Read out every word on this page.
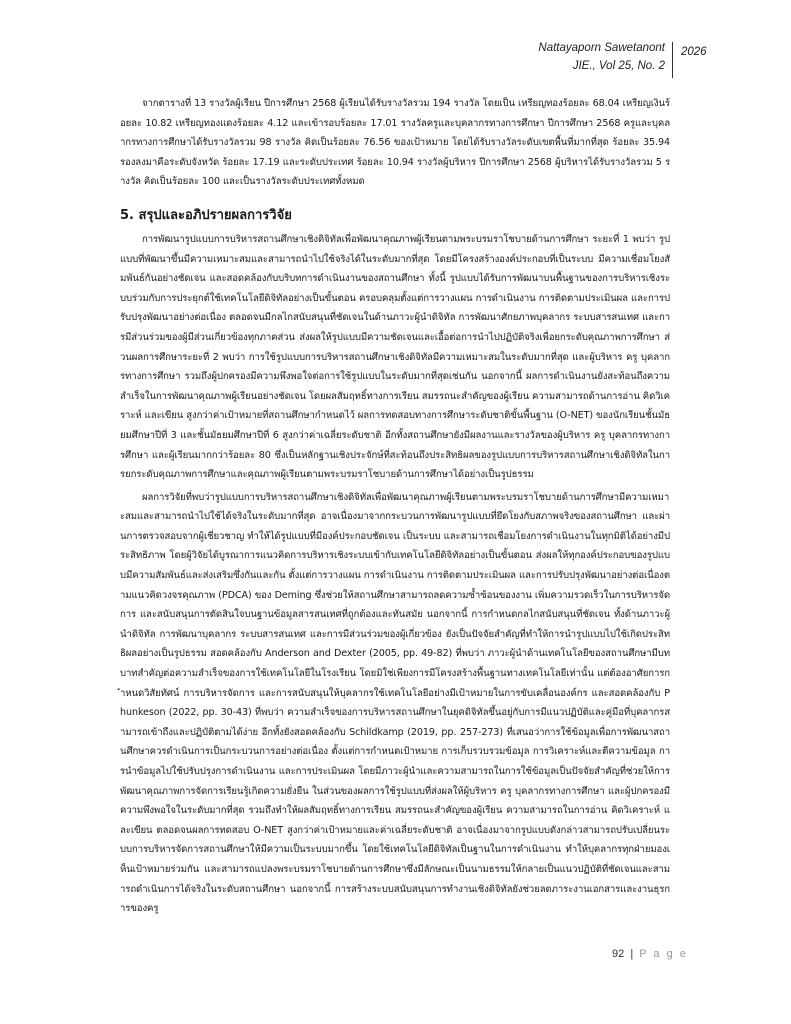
Nattayaporn Sawetanont
JIE., Vol 25, No. 2
2026

จากตารางที่ 13 รางวัลผู้เรียน ปีการศึกษา 2568 ผู้เรียนได้รับรางวัลรวม 194 รางวัล โดยเป็น เหรียญทองร้อยละ 68.04 เหรียญเงินร้อยละ 10.82 เหรียญทองแดงร้อยละ 4.12 และเข้ารอบร้อยละ 17.01 รางวัลครูและบุคลากรทางการศึกษา ปีการศึกษา 2568 ครูและบุคลากรทางการศึกษาได้รับรางวัลรวม 98 รางวัล คิดเป็นร้อยละ 76.56 ของเป้าหมาย โดยได้รับรางวัลระดับเขตพื้นที่มากที่สุด ร้อยละ 35.94 รองลงมาคือระดับจังหวัด ร้อยละ 17.19 และระดับประเทศ ร้อยละ 10.94 รางวัลผู้บริหาร ปีการศึกษา 2568 ผู้บริหารได้รับรางวัลรวม 5 รางวัล คิดเป็นร้อยละ 100 และเป็นรางวัลระดับประเทศทั้งหมด

5. สรุปและอภิปรายผลการวิจัย

การพัฒนารูปแบบการบริหารสถานศึกษาเชิงดิจิทัลเพื่อพัฒนาคุณภาพผู้เรียนตามพระบรมราโชบายด้านการศึกษา ระยะที่ 1 พบว่า รูปแบบที่พัฒนาขึ้นมีความเหมาะสมและสามารถนำไปใช้จริงได้ในระดับมากที่สุด โดยมีโครงสร้างองค์ประกอบที่เป็นระบบ มีความเชื่อมโยงสัมพันธ์กันอย่างชัดเจน และสอดคล้องกับบริบทการดำเนินงานของสถานศึกษา ทั้งนี้ รูปแบบได้รับการพัฒนาบนพื้นฐานของการบริหารเชิงระบบร่วมกับการประยุกต์ใช้เทคโนโลยีดิจิทัลอย่างเป็นขั้นตอน ครอบคลุมตั้งแต่การวางแผน การดำเนินงาน การติดตามประเมินผล และการปรับปรุงพัฒนาอย่างต่อเนื่อง ตลอดจนมีกลไกสนับสนุนที่ชัดเจนในด้านภาวะผู้นำดิจิทัล การพัฒนาศักยภาพบุคลากร ระบบสารสนเทศ และการมีส่วนร่วมของผู้มีส่วนเกี่ยวข้องทุกภาคส่วน ส่งผลให้รูปแบบมีความชัดเจนและเอื้อต่อการนำไปปฏิบัติจริงเพื่อยกระดับคุณภาพการศึกษา ส่วนผลการศึกษาระยะที่ 2 พบว่า การใช้รูปแบบการบริหารสถานศึกษาเชิงดิจิทัลมีความเหมาะสมในระดับมากที่สุด และผู้บริหาร ครู บุคลากรทางการศึกษา รวมถึงผู้ปกครองมีความพึงพอใจต่อการใช้รูปแบบในระดับมากที่สุดเช่นกัน นอกจากนี้ ผลการดำเนินงานยังสะท้อนถึงความสำเร็จในการพัฒนาคุณภาพผู้เรียนอย่างชัดเจน โดยผลสัมฤทธิ์ทางการเรียน สมรรถนะสำคัญของผู้เรียน ความสามารถด้านการอ่าน คิดวิเคราะห์ และเขียน สูงกว่าค่าเป้าหมายที่สถานศึกษากำหนดไว้ ผลการทดสอบทางการศึกษาระดับชาติขั้นพื้นฐาน (O-NET) ของนักเรียนชั้นมัธยมศึกษาปีที่ 3 และชั้นมัธยมศึกษาปีที่ 6 สูงกว่าค่าเฉลี่ยระดับชาติ อีกทั้งสถานศึกษายังมีผลงานและรางวัลของผู้บริหาร ครู บุคลากรทางการศึกษา และผู้เรียนมากกว่าร้อยละ 80 ซึ่งเป็นหลักฐานเชิงประจักษ์ที่สะท้อนถึงประสิทธิผลของรูปแบบการบริหารสถานศึกษาเชิงดิจิทัลในการยกระดับคุณภาพการศึกษาและคุณภาพผู้เรียนตามพระบรมราโชบายด้านการศึกษาได้อย่างเป็นรูปธรรม

ผลการวิจัยที่พบว่ารูปแบบการบริหารสถานศึกษาเชิงดิจิทัลเพื่อพัฒนาคุณภาพผู้เรียนตามพระบรมราโชบายด้านการศึกษามีความเหมาะสมและสามารถนำไปใช้ได้จริงในระดับมากที่สุด อาจเนื่องมาจากกระบวนการพัฒนารูปแบบที่ยึดโยงกับสภาพจริงของสถานศึกษา และผ่านการตรวจสอบจากผู้เชี่ยวชาญ ทำให้ได้รูปแบบที่มีองค์ประกอบชัดเจน เป็นระบบ และสามารถเชื่อมโยงการดำเนินงานในทุกมิติได้อย่างมีประสิทธิภาพ โดยผู้วิจัยได้บูรณาการแนวคิดการบริหารเชิงระบบเข้ากับเทคโนโลยีดิจิทัลอย่างเป็นขั้นตอน ส่งผลให้ทุกองค์ประกอบของรูปแบบมีความสัมพันธ์และส่งเสริมซึ่งกันและกัน ตั้งแต่การวางแผน การดำเนินงาน การติดตามประเมินผล และการปรับปรุงพัฒนาอย่างต่อเนื่องตามแนวคิดวงจรคุณภาพ (PDCA) ของ Deming ซึ่งช่วยให้สถานศึกษาสามารถลดความซ้ำซ้อนของงาน เพิ่มความรวดเร็วในการบริหารจัดการ และสนับสนุนการตัดสินใจบนฐานข้อมูลสารสนเทศที่ถูกต้องและทันสมัย นอกจากนี้ การกำหนดกลไกสนับสนุนที่ชัดเจน ทั้งด้านภาวะผู้นำดิจิทัล การพัฒนาบุคลากร ระบบสารสนเทศ และการมีส่วนร่วมของผู้เกี่ยวข้อง ยังเป็นปัจจัยสำคัญที่ทำให้การนำรูปแบบไปใช้เกิดประสิทธิผลอย่างเป็นรูปธรรม สอดคล้องกับ Anderson and Dexter (2005, pp. 49-82) ที่พบว่า ภาวะผู้นำด้านเทคโนโลยีของสถานศึกษามีบทบาทสำคัญต่อความสำเร็จของการใช้เทคโนโลยีในโรงเรียน โดยมิใช่เพียงการมีโครงสร้างพื้นฐานทางเทคโนโลยีเท่านั้น แต่ต้องอาศัยการกำหนดวิสัยทัศน์ การบริหารจัดการ และการสนับสนุนให้บุคลากรใช้เทคโนโลยีอย่างมีเป้าหมายในการขับเคลื่อนองค์กร และสอดคล้องกับ Phunkeson (2022, pp. 30-43) ที่พบว่า ความสำเร็จของการบริหารสถานศึกษาในยุคดิจิทัลขึ้นอยู่กับการมีแนวปฏิบัติและคู่มือที่บุคลากรสามารถเข้าถึงและปฏิบัติตามได้ง่าย อีกทั้งยังสอดคล้องกับ Schildkamp (2019, pp. 257-273) ที่เสนอว่าการใช้ข้อมูลเพื่อการพัฒนาสถานศึกษาควรดำเนินการเป็นกระบวนการอย่างต่อเนื่อง ตั้งแต่การกำหนดเป้าหมาย การเก็บรวบรวมข้อมูล การวิเคราะห์และตีความข้อมูล การนำข้อมูลไปใช้ปรับปรุงการดำเนินงาน และการประเมินผล โดยมีภาวะผู้นำและความสามารถในการใช้ข้อมูลเป็นปัจจัยสำคัญที่ช่วยให้การพัฒนาคุณภาพการจัดการเรียนรู้เกิดความยั่งยืน ในส่วนของผลการใช้รูปแบบที่ส่งผลให้ผู้บริหาร ครู บุคลากรทางการศึกษา และผู้ปกครองมีความพึงพอใจในระดับมากที่สุด รวมถึงทำให้ผลสัมฤทธิ์ทางการเรียน สมรรถนะสำคัญของผู้เรียน ความสามารถในการอ่าน คิดวิเคราะห์ และเขียน ตลอดจนผลการทดสอบ O-NET สูงกว่าค่าเป้าหมายและค่าเฉลี่ยระดับชาติ อาจเนื่องมาจากรูปแบบดังกล่าวสามารถปรับเปลี่ยนระบบการบริหารจัดการสถานศึกษาให้มีความเป็นระบบมากขึ้น โดยใช้เทคโนโลยีดิจิทัลเป็นฐานในการดำเนินงาน ทำให้บุคลากรทุกฝ่ายมองเห็นเป้าหมายร่วมกัน และสามารถแปลงพระบรมราโชบายด้านการศึกษาซึ่งมีลักษณะเป็นนามธรรมให้กลายเป็นแนวปฏิบัติที่ชัดเจนและสามารถดำเนินการได้จริงในระดับสถานศึกษา นอกจากนี้ การสร้างระบบสนับสนุนการทำงานเชิงดิจิทัลยังช่วยลดภาระงานเอกสารและงานธุรการของครู

92 | P a g e
